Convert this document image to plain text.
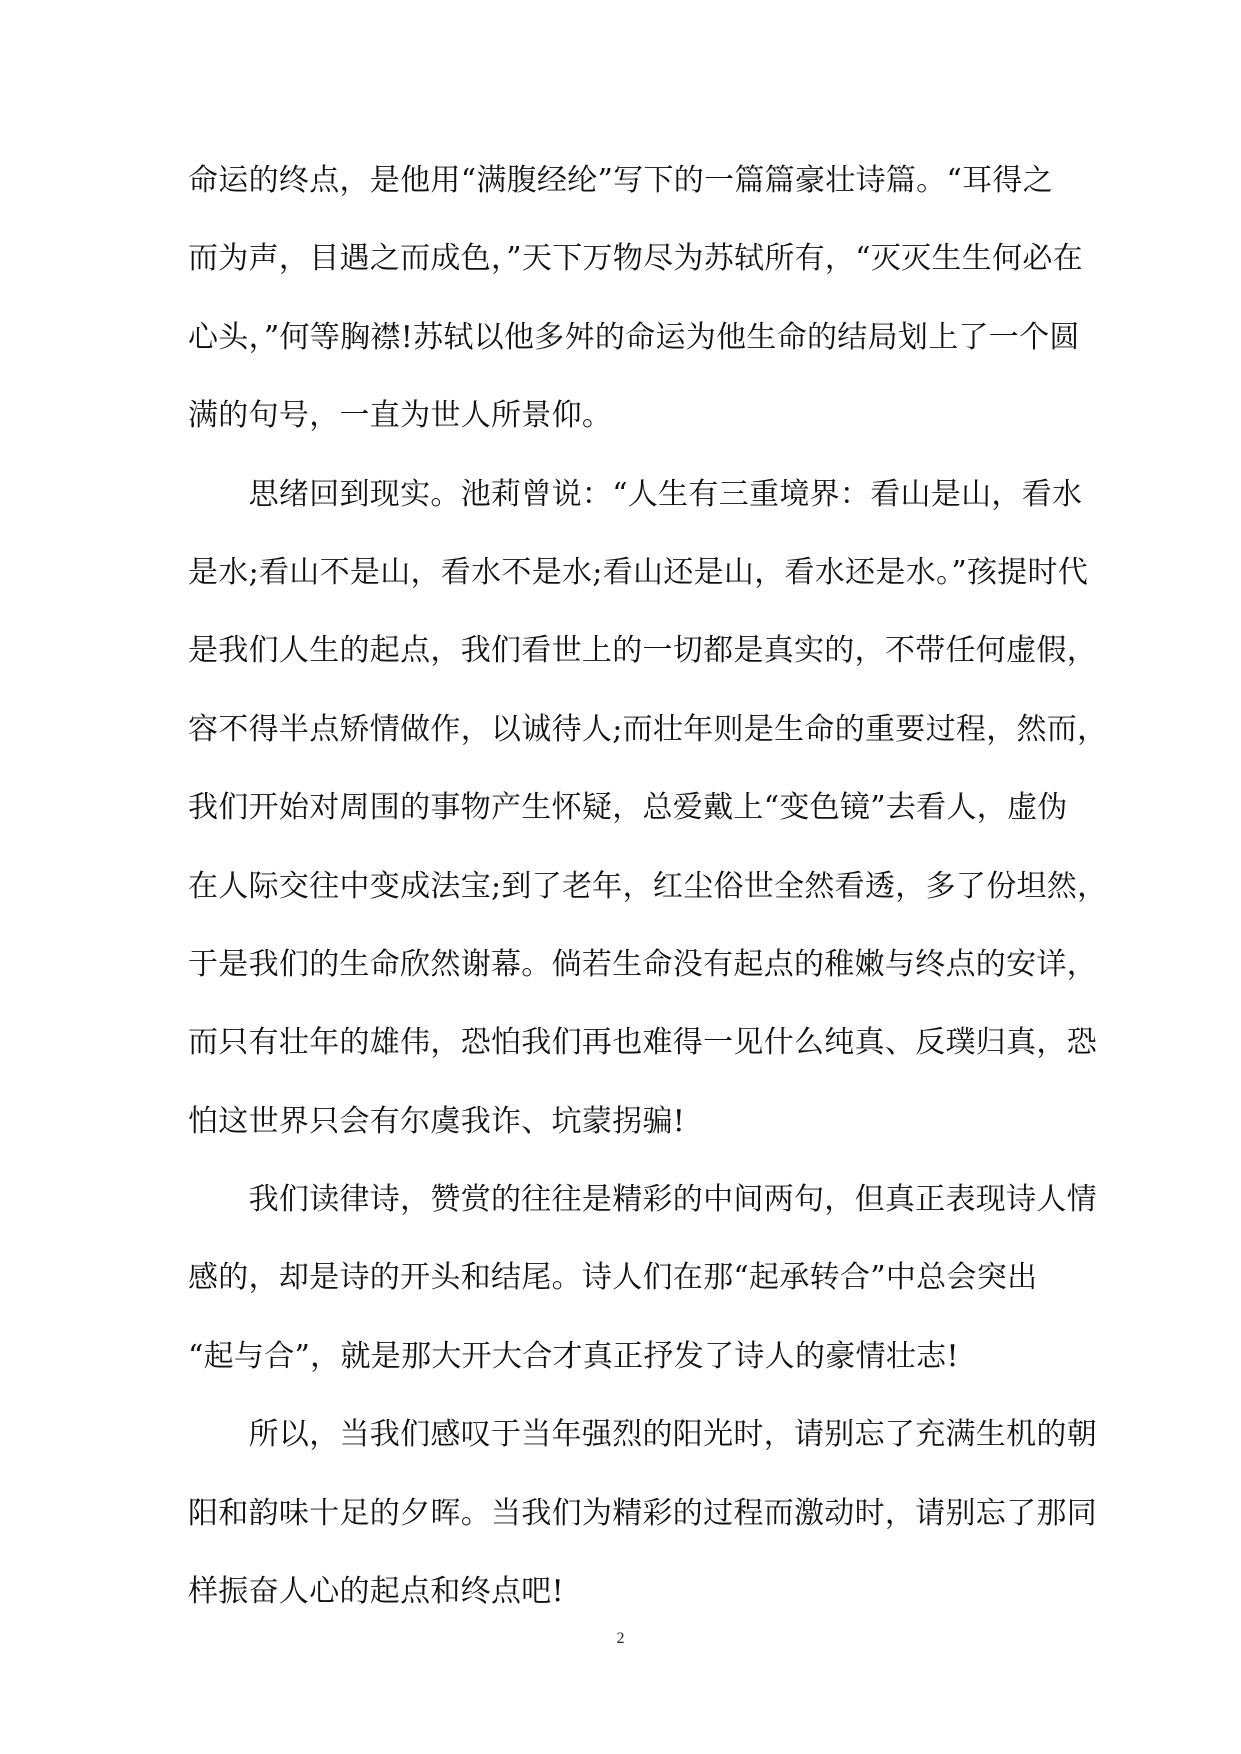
命运的终点，是他用“满腹经纶”写下的一篇篇豪壮诗篇。“耳得之
而为声，目遇之而成色，”天下万物尽为苏轼所有，“灭灭生生何必在
心头，”何等胸襟!苏轼以他多舛的命运为他生命的结局划上了一个圆
满的句号，一直为世人所景仰。
　　思绪回到现实。池莉曾说：“人生有三重境界：看山是山，看水
是水;看山不是山，看水不是水;看山还是山，看水还是水。”孩提时代
是我们人生的起点，我们看世上的一切都是真实的，不带任何虚假，
容不得半点矫情做作，以诚待人;而壮年则是生命的重要过程，然而，
我们开始对周围的事物产生怀疑，总爱戴上“变色镜”去看人，虚伪
在人际交往中变成法宝;到了老年，红尘俗世全然看透，多了份坦然，
于是我们的生命欣然谢幕。倘若生命没有起点的稚嫩与终点的安详，
而只有壮年的雄伟，恐怕我们再也难得一见什么纯真、反璞归真，恐
怕这世界只会有尔虞我诈、坑蒙拐骗!
　　我们读律诗，赞赏的往往是精彩的中间两句，但真正表现诗人情
感的，却是诗的开头和结尾。诗人们在那“起承转合”中总会突出
“起与合”，就是那大开大合才真正抒发了诗人的豪情壮志!
　　所以，当我们感叹于当年强烈的阳光时，请别忘了充满生机的朝
阳和韵味十足的夕晖。当我们为精彩的过程而激动时，请别忘了那同
样振奋人心的起点和终点吧!
2
